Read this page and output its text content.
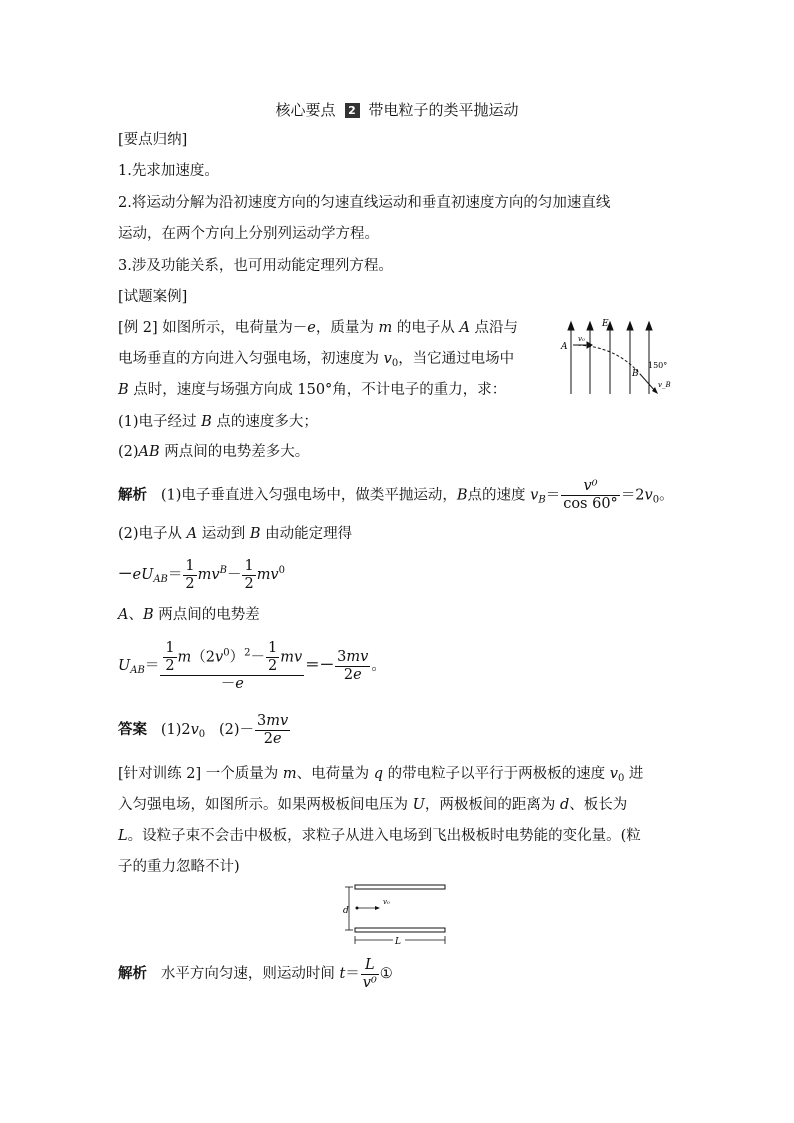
核心要点 2 带电粒子的类平抛运动
[要点归纳]
1.先求加速度。
2.将运动分解为沿初速度方向的匀速直线运动和垂直初速度方向的匀加速直线
运动，在两个方向上分别列运动学方程。
3.涉及功能关系，也可用动能定理列方程。
[试题案例]
[例 2] 如图所示，电荷量为－e，质量为 m 的电子从 A 点沿与
电场垂直的方向进入匀强电场，初速度为 $v_0$，当它通过电场中
B 点时，速度与场强方向成 150°角，不计电子的重力，求：
(1)电子经过 B 点的速度多大；
(2)AB 两点间的电势差多大。
A
E
v₀
B
150°
v_B
解析 (1)电子垂直进入匀强电场中，做类平抛运动，B点的速度 $v_B= \frac{\text{v⁰}}{\cos 60^\circ} =2v_0$。
(2)电子从 A 运动到 B 由动能定理得
$-eU_{AB}= \frac{1}{2} mv^B- \frac{1}{2} mv^0$
A、B 两点间的电势差
$U_{AB}= \frac{\frac{1}{2} m(2v^0)^2- \frac{1}{2} mv}{-e} =- \frac{3mv}{2e}$ 。
答案 $(1)2v_0$ $(2)- \frac{3mv}{2e}$
[针对训练 2] 一个质量为 m、电荷量为 q 的带电粒子以平行于两极板的速度 $v_0$ 进
入匀强电场，如图所示。如果两极板间电压为 U，两极板间的距离为 d、板长为
L。设粒子束不会击中极板，求粒子从进入电场到飞出极板时电势能的变化量。(粒
子的重力忽略不计)
d
v₀
L
解析 水平方向匀速，则运动时间 $t= \frac{L}{\text{v⁰}}$ ①
